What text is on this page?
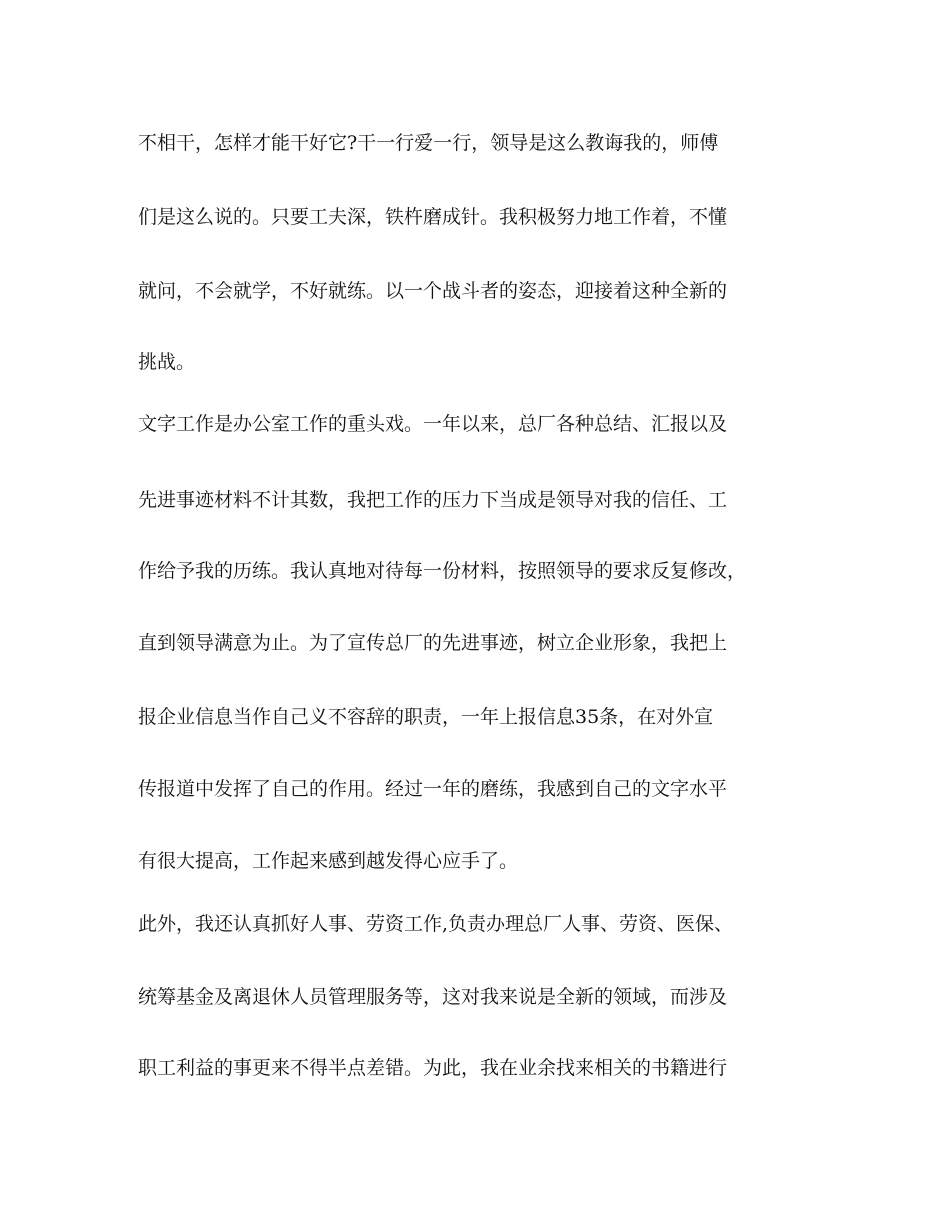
不相干，怎样才能干好它?干一行爱一行，领导是这么教诲我的，师傅

们是这么说的。只要工夫深，铁杵磨成针。我积极努力地工作着，不懂

就问，不会就学，不好就练。以一个战斗者的姿态，迎接着这种全新的

挑战。

文字工作是办公室工作的重头戏。一年以来，总厂各种总结、汇报以及

先进事迹材料不计其数，我把工作的压力下当成是领导对我的信任、工

作给予我的历练。我认真地对待每一份材料，按照领导的要求反复修改，

直到领导满意为止。为了宣传总厂的先进事迹，树立企业形象，我把上

报企业信息当作自己义不容辞的职责，一年上报信息35条，在对外宣

传报道中发挥了自己的作用。经过一年的磨练，我感到自己的文字水平

有很大提高，工作起来感到越发得心应手了。

此外，我还认真抓好人事、劳资工作,负责办理总厂人事、劳资、医保、

统筹基金及离退休人员管理服务等，这对我来说是全新的领域，而涉及

职工利益的事更来不得半点差错。为此，我在业余找来相关的书籍进行
